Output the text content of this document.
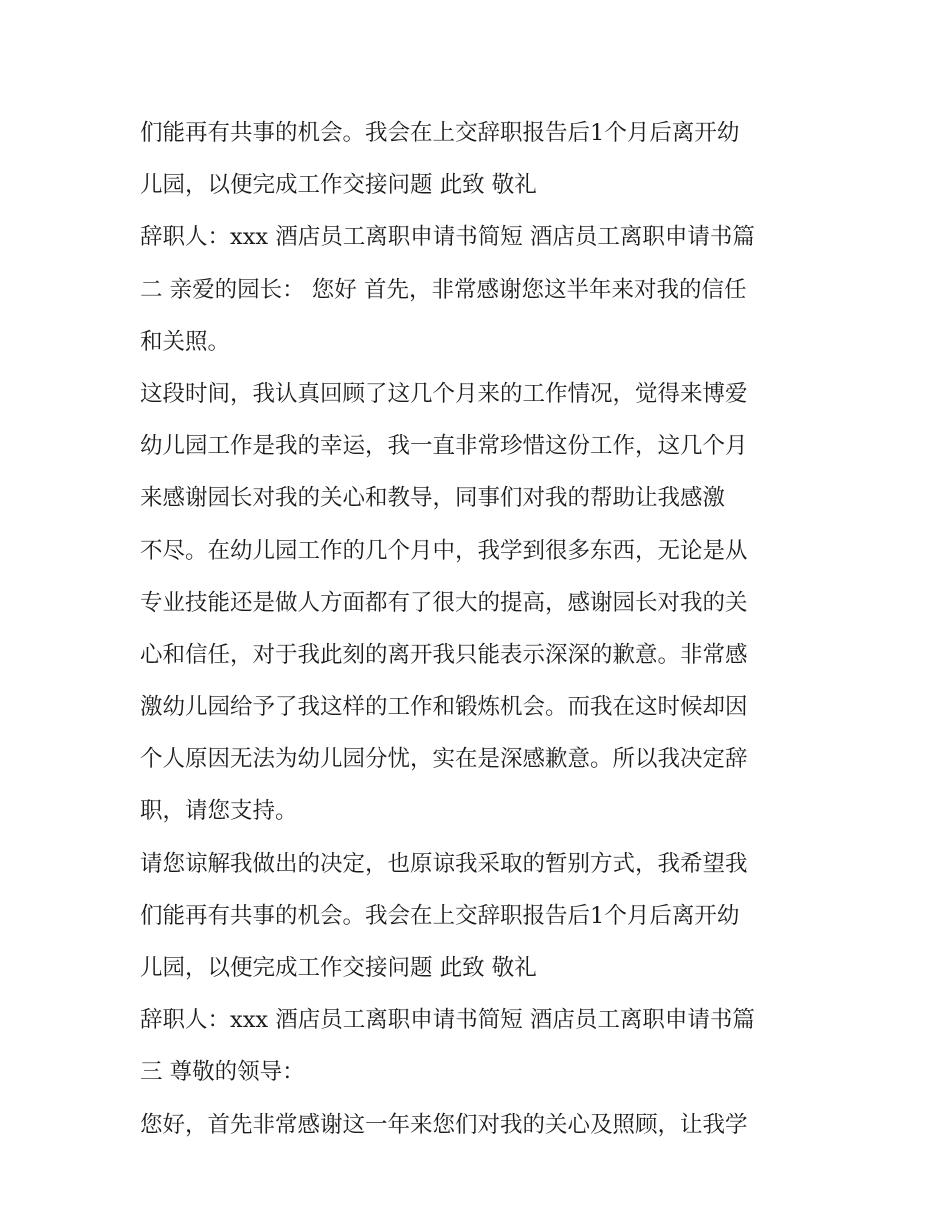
们能再有共事的机会。我会在上交辞职报告后1个月后离开幼
儿园，以便完成工作交接问题 此致 敬礼
辞职人：xxx 酒店员工离职申请书简短 酒店员工离职申请书篇
二 亲爱的园长： 您好 首先，非常感谢您这半年来对我的信任
和关照。
这段时间，我认真回顾了这几个月来的工作情况，觉得来博爱
幼儿园工作是我的幸运，我一直非常珍惜这份工作，这几个月
来感谢园长对我的关心和教导，同事们对我的帮助让我感激
不尽。在幼儿园工作的几个月中，我学到很多东西，无论是从
专业技能还是做人方面都有了很大的提高，感谢园长对我的关
心和信任，对于我此刻的离开我只能表示深深的歉意。非常感
激幼儿园给予了我这样的工作和锻炼机会。而我在这时候却因
个人原因无法为幼儿园分忧，实在是深感歉意。所以我决定辞
职，请您支持。
请您谅解我做出的决定，也原谅我采取的暂别方式，我希望我
们能再有共事的机会。我会在上交辞职报告后1个月后离开幼
儿园，以便完成工作交接问题 此致 敬礼
辞职人：xxx 酒店员工离职申请书简短 酒店员工离职申请书篇
三 尊敬的领导：
您好，首先非常感谢这一年来您们对我的关心及照顾，让我学
